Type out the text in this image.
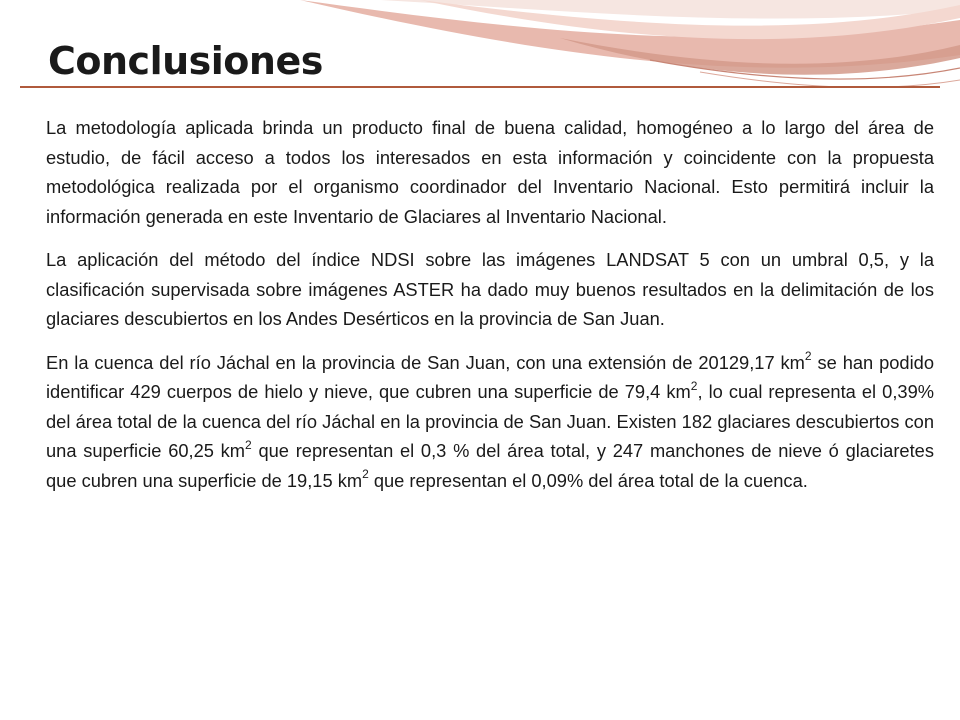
Conclusiones

La metodología aplicada brinda un producto final de buena calidad, homogéneo a lo largo del área de estudio, de fácil acceso a todos los interesados en esta información y coincidente con la propuesta metodológica realizada por el organismo coordinador del Inventario Nacional. Esto permitirá incluir la información generada en este Inventario de Glaciares al Inventario Nacional.

La aplicación del método del índice NDSI sobre las imágenes LANDSAT 5 con un umbral 0,5, y la clasificación supervisada sobre imágenes ASTER ha dado muy buenos resultados en la delimitación de los glaciares descubiertos en los Andes Desérticos en la provincia de San Juan.

En la cuenca del río Jáchal en la provincia de San Juan, con una extensión de 20129,17 $km^2$ se han podido identificar 429 cuerpos de hielo y nieve, que cubren una superficie de 79,4 $km^2$, lo cual representa el 0,39% del área total de la cuenca del río Jáchal en la provincia de San Juan. Existen 182 glaciares descubiertos con una superficie 60,25 $km^2$ que representan el 0,3 % del área total, y 247 manchones de nieve ó glaciaretes que cubren una superficie de 19,15 $km^2$ que representan el 0,09% del área total de la cuenca.
